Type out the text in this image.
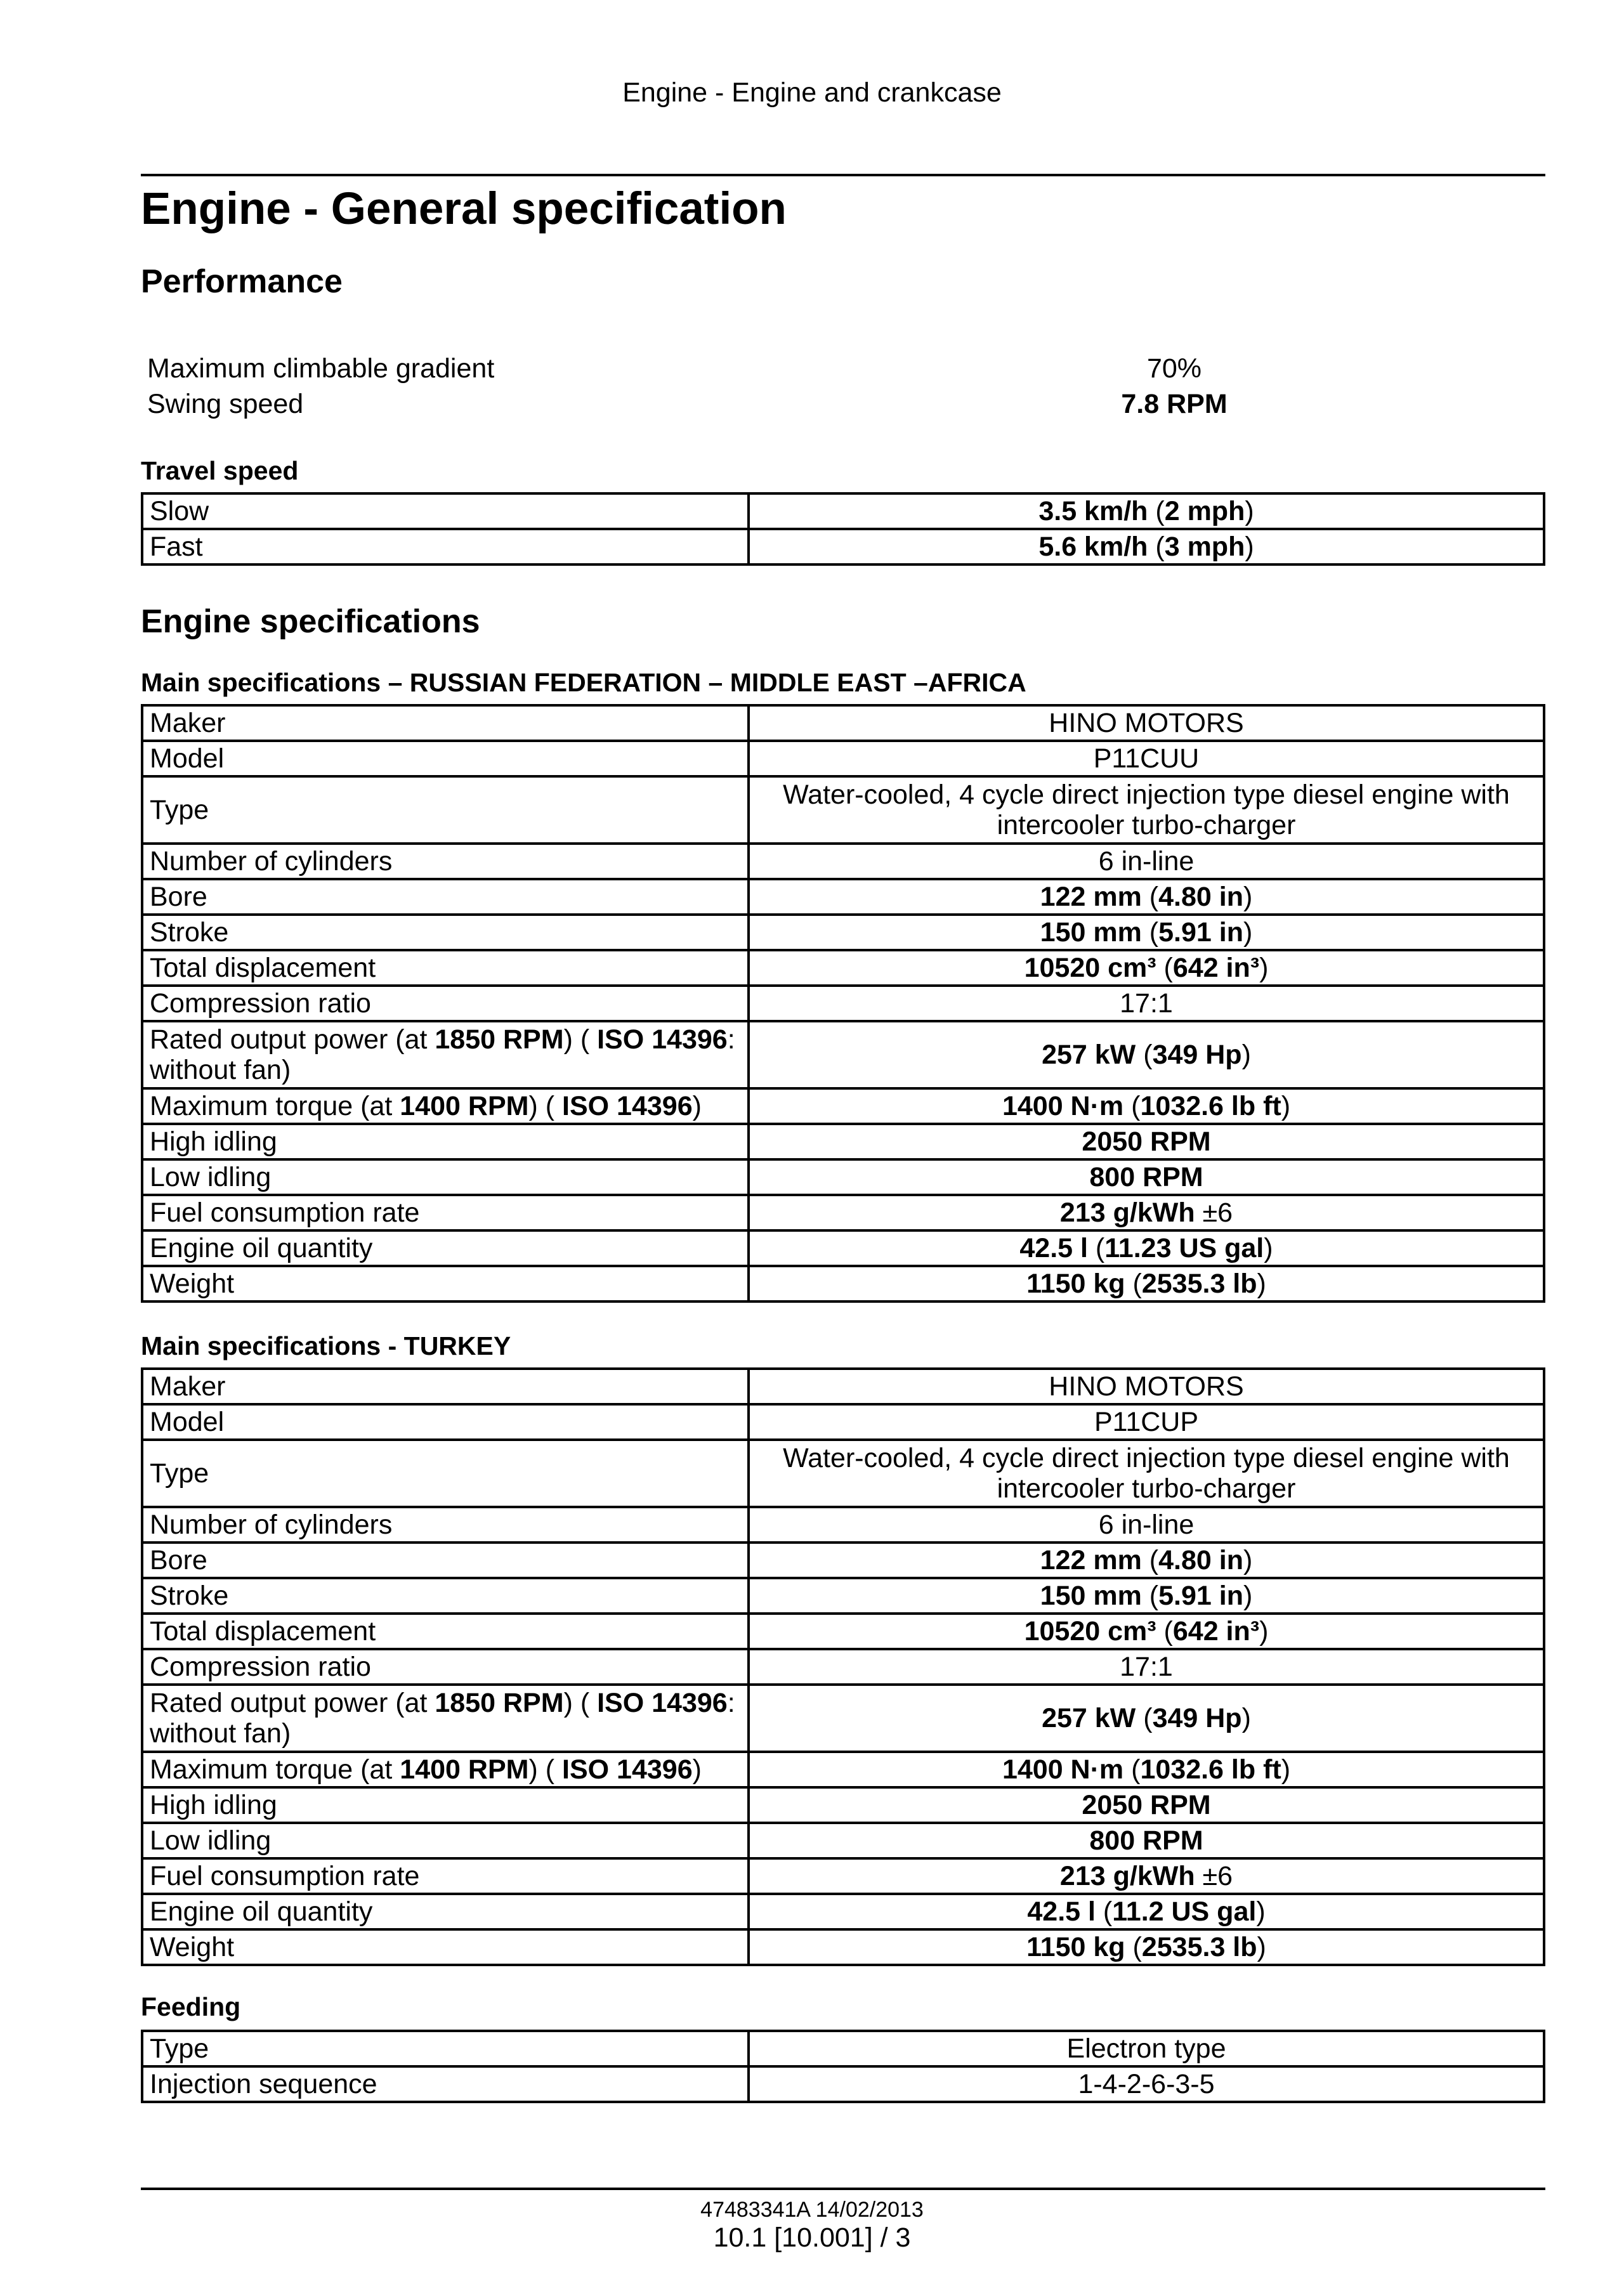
Engine - Engine and crankcase
Engine - General specification
Performance
Maximum climbable gradient	70%
Swing speed	7.8 RPM
Travel speed
Slow	3.5 km/h (2 mph)
Fast	5.6 km/h (3 mph)
Engine specifications
Main specifications – RUSSIAN FEDERATION – MIDDLE EAST –AFRICA
Maker	HINO MOTORS
Model	P11CUU
Type	Water-cooled, 4 cycle direct injection type diesel engine with intercooler turbo-charger
Number of cylinders	6 in-line
Bore	122 mm (4.80 in)
Stroke	150 mm (5.91 in)
Total displacement	10520 cm³ (642 in³)
Compression ratio	17:1
Rated output power (at 1850 RPM) ( ISO 14396: without fan)	257 kW (349 Hp)
Maximum torque (at 1400 RPM) ( ISO 14396)	1400 N·m (1032.6 lb ft)
High idling	2050 RPM
Low idling	800 RPM
Fuel consumption rate	213 g/kWh ±6
Engine oil quantity	42.5 l (11.23 US gal)
Weight	1150 kg (2535.3 lb)
Main specifications - TURKEY
Maker	HINO MOTORS
Model	P11CUP
Type	Water-cooled, 4 cycle direct injection type diesel engine with intercooler turbo-charger
Number of cylinders	6 in-line
Bore	122 mm (4.80 in)
Stroke	150 mm (5.91 in)
Total displacement	10520 cm³ (642 in³)
Compression ratio	17:1
Rated output power (at 1850 RPM) ( ISO 14396: without fan)	257 kW (349 Hp)
Maximum torque (at 1400 RPM) ( ISO 14396)	1400 N·m (1032.6 lb ft)
High idling	2050 RPM
Low idling	800 RPM
Fuel consumption rate	213 g/kWh ±6
Engine oil quantity	42.5 l (11.2 US gal)
Weight	1150 kg (2535.3 lb)
Feeding
Type	Electron type
Injection sequence	1-4-2-6-3-5
47483341A 14/02/2013
10.1 [10.001] / 3
